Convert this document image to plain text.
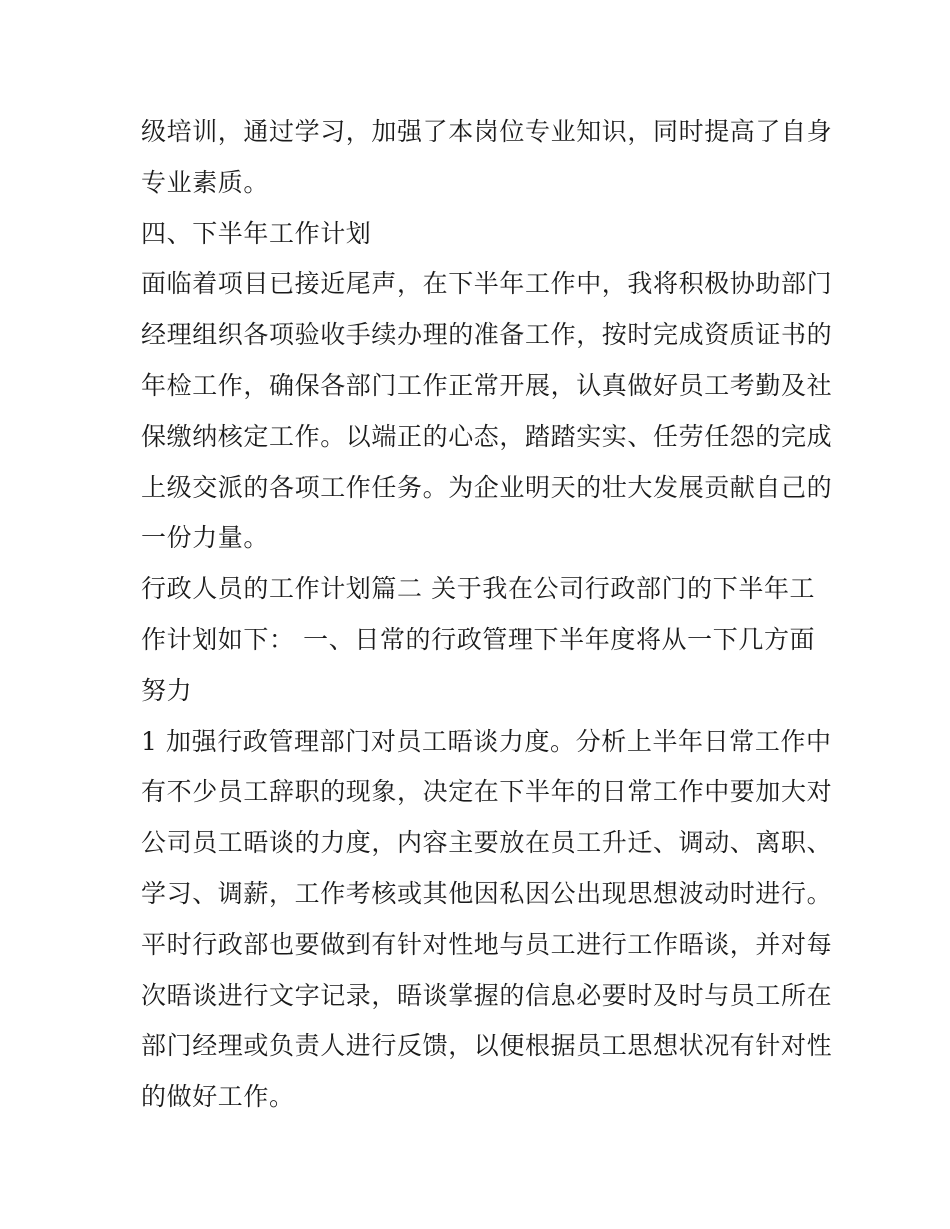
级培训，通过学习，加强了本岗位专业知识，同时提高了自身
专业素质。
四、下半年工作计划
面临着项目已接近尾声，在下半年工作中，我将积极协助部门
经理组织各项验收手续办理的准备工作，按时完成资质证书的
年检工作，确保各部门工作正常开展，认真做好员工考勤及社
保缴纳核定工作。以端正的心态，踏踏实实、任劳任怨的完成
上级交派的各项工作任务。为企业明天的壮大发展贡献自己的
一份力量。
行政人员的工作计划篇二 关于我在公司行政部门的下半年工
作计划如下： 一、日常的行政管理下半年度将从一下几方面
努力
1 加强行政管理部门对员工晤谈力度。分析上半年日常工作中
有不少员工辞职的现象，决定在下半年的日常工作中要加大对
公司员工晤谈的力度，内容主要放在员工升迁、调动、离职、
学习、调薪，工作考核或其他因私因公出现思想波动时进行。
平时行政部也要做到有针对性地与员工进行工作晤谈，并对每
次晤谈进行文字记录，晤谈掌握的信息必要时及时与员工所在
部门经理或负责人进行反馈，以便根据员工思想状况有针对性
的做好工作。
